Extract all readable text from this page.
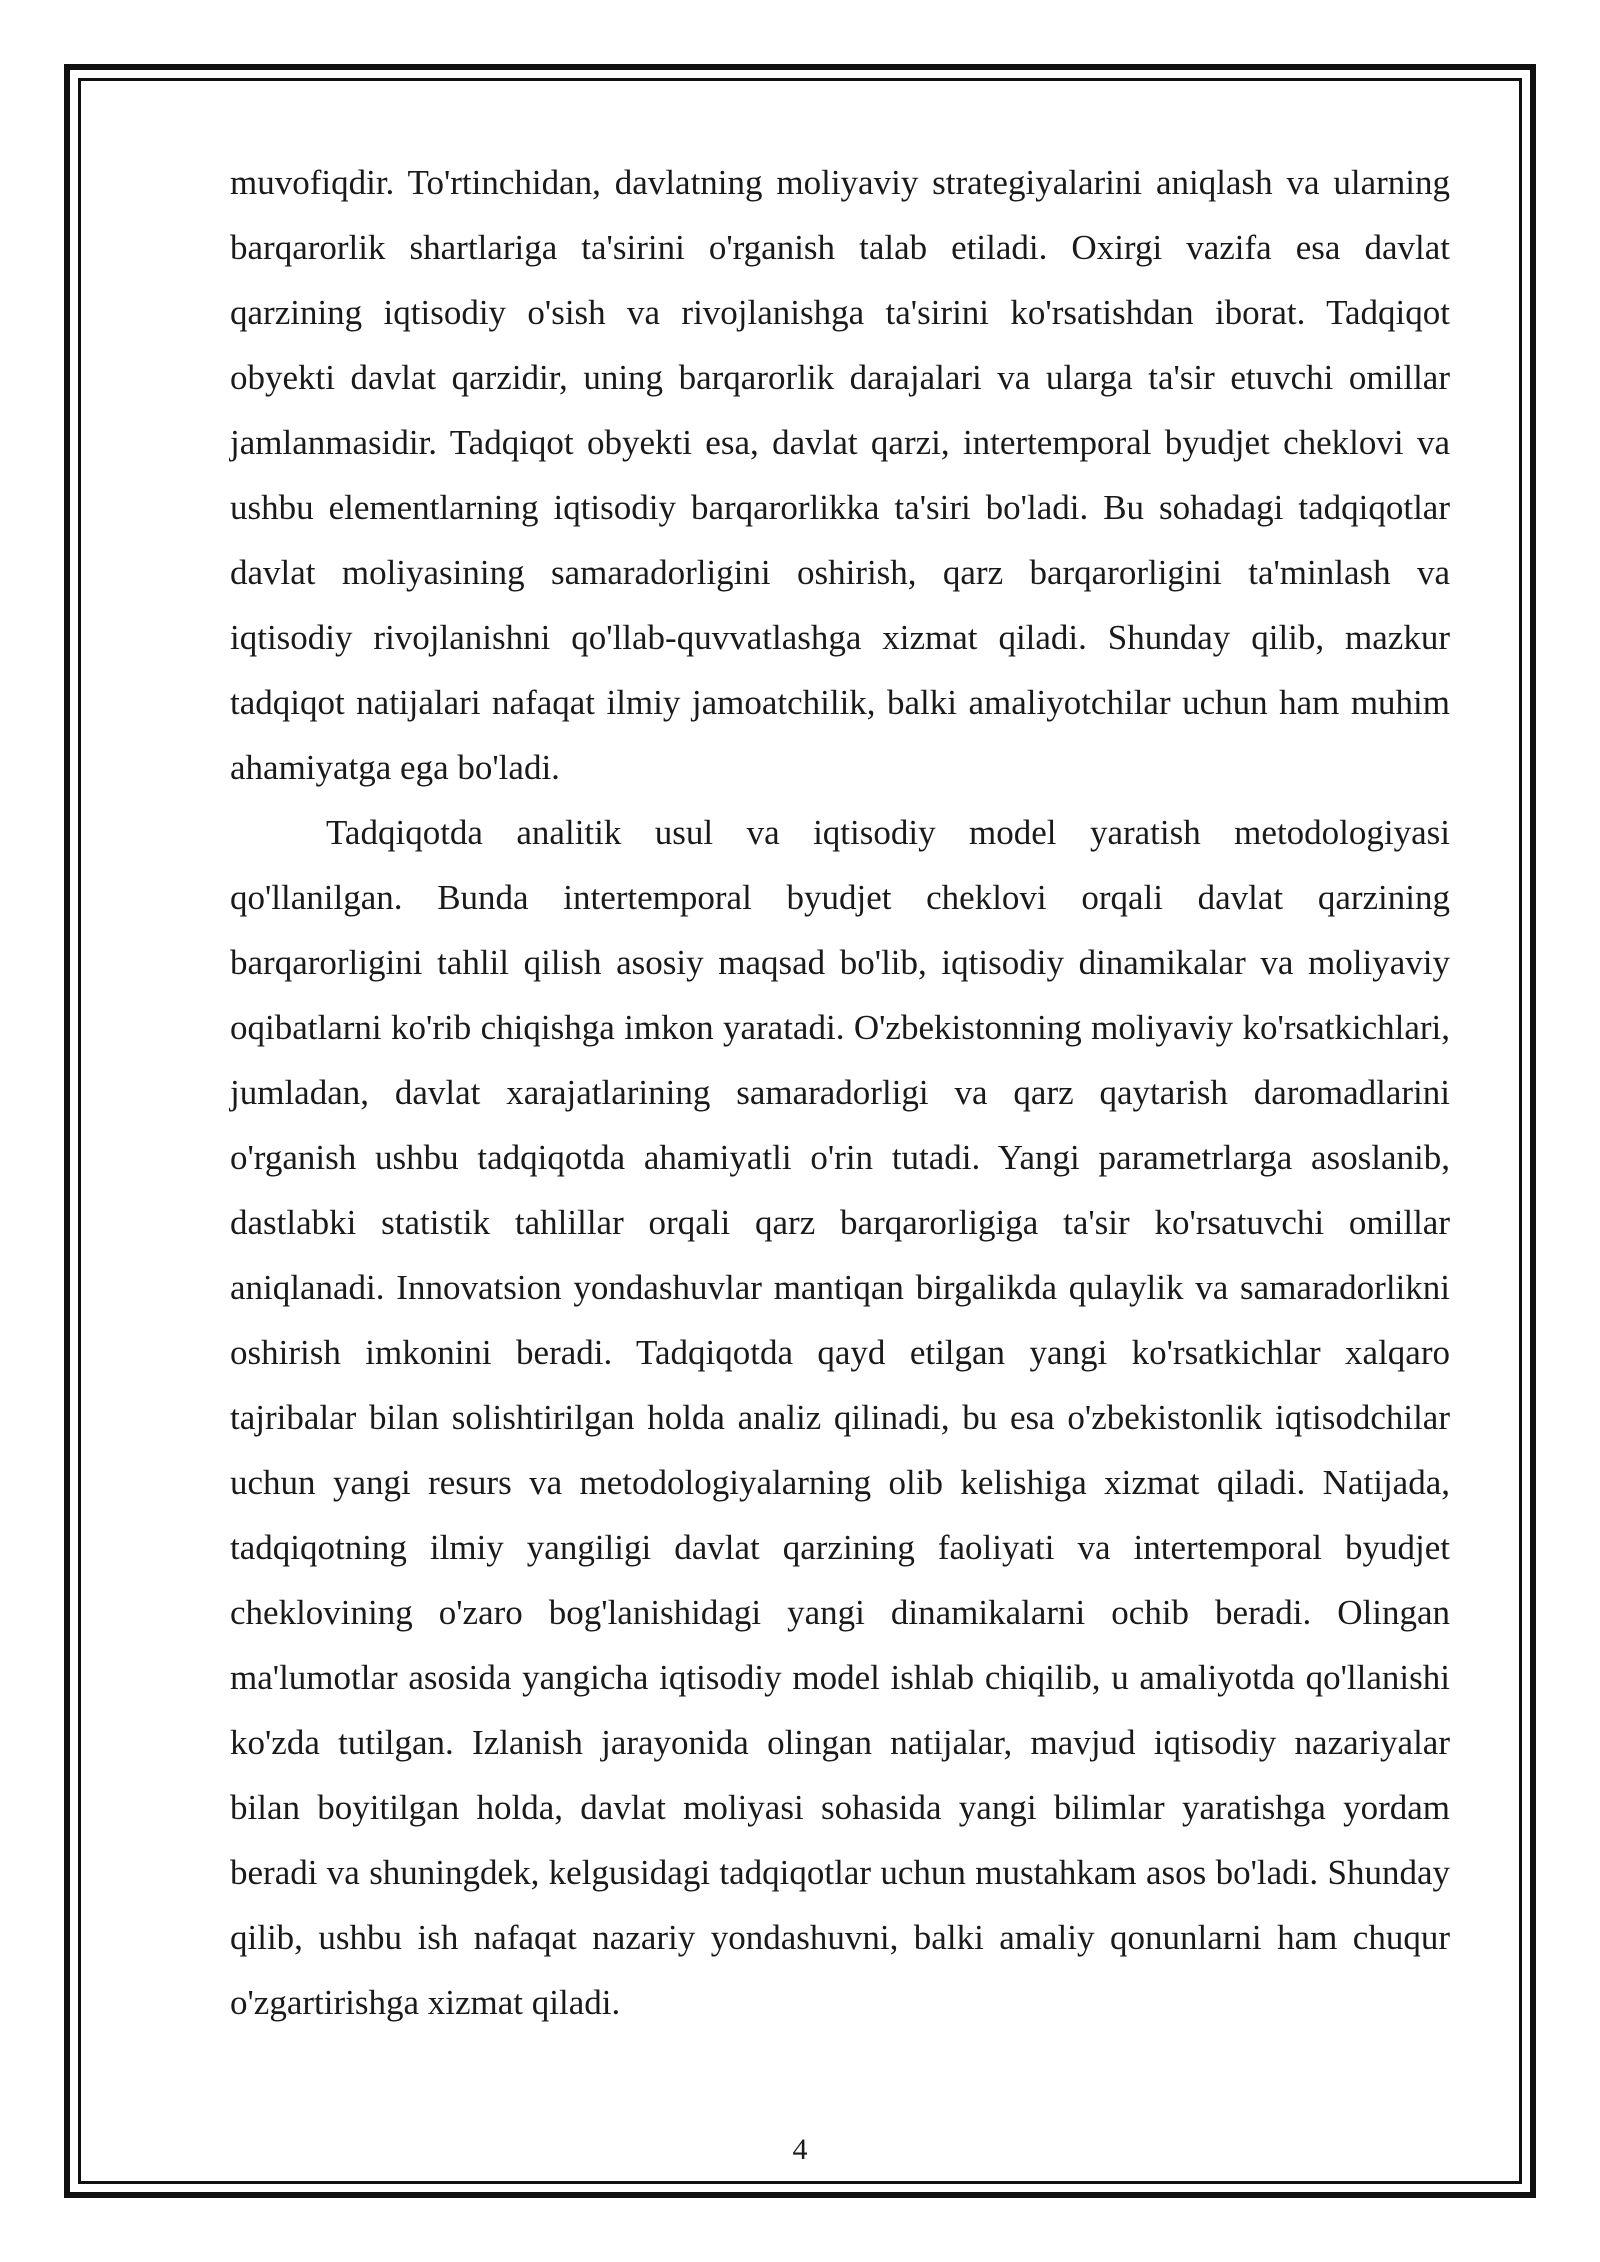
muvofiqdir. To'rtinchidan, davlatning moliyaviy strategiyalarini aniqlash va ularning barqarorlik shartlariga ta'sirini o'rganish talab etiladi. Oxirgi vazifa esa davlat qarzining iqtisodiy o'sish va rivojlanishga ta'sirini ko'rsatishdan iborat. Tadqiqot obyekti davlat qarzidir, uning barqarorlik darajalari va ularga ta'sir etuvchi omillar jamlanmasidir. Tadqiqot obyekti esa, davlat qarzi, intertemporal byudjet cheklovi va ushbu elementlarning iqtisodiy barqarorlikka ta'siri bo'ladi. Bu sohadagi tadqiqotlar davlat moliyasining samaradorligini oshirish, qarz barqarorligini ta'minlash va iqtisodiy rivojlanishni qo'llab-quvvatlashga xizmat qiladi. Shunday qilib, mazkur tadqiqot natijalari nafaqat ilmiy jamoatchilik, balki amaliyotchilar uchun ham muhim ahamiyatga ega bo'ladi.

Tadqiqotda analitik usul va iqtisodiy model yaratish metodologiyasi qo'llanilgan. Bunda intertemporal byudjet cheklovi orqali davlat qarzining barqarorligini tahlil qilish asosiy maqsad bo'lib, iqtisodiy dinamikalar va moliyaviy oqibatlarni ko'rib chiqishga imkon yaratadi. O'zbekistonning moliyaviy ko'rsatkichlari, jumladan, davlat xarajatlarining samaradorligi va qarz qaytarish daromadlarini o'rganish ushbu tadqiqotda ahamiyatli o'rin tutadi. Yangi parametrlarga asoslanib, dastlabki statistik tahlillar orqali qarz barqarorligiga ta'sir ko'rsatuvchi omillar aniqlanadi. Innovatsion yondashuvlar mantiqan birgalikda qulaylik va samaradorlikni oshirish imkonini beradi. Tadqiqotda qayd etilgan yangi ko'rsatkichlar xalqaro tajribalar bilan solishtirilgan holda analiz qilinadi, bu esa o'zbekistonlik iqtisodchilar uchun yangi resurs va metodologiyalarning olib kelishiga xizmat qiladi. Natijada, tadqiqotning ilmiy yangiligi davlat qarzining faoliyati va intertemporal byudjet cheklovining o'zaro bog'lanishidagi yangi dinamikalarni ochib beradi. Olingan ma'lumotlar asosida yangicha iqtisodiy model ishlab chiqilib, u amaliyotda qo'llanishi ko'zda tutilgan. Izlanish jarayonida olingan natijalar, mavjud iqtisodiy nazariyalar bilan boyitilgan holda, davlat moliyasi sohasida yangi bilimlar yaratishga yordam beradi va shuningdek, kelgusidagi tadqiqotlar uchun mustahkam asos bo'ladi. Shunday qilib, ushbu ish nafaqat nazariy yondashuvni, balki amaliy qonunlarni ham chuqur o'zgartirishga xizmat qiladi.

4
